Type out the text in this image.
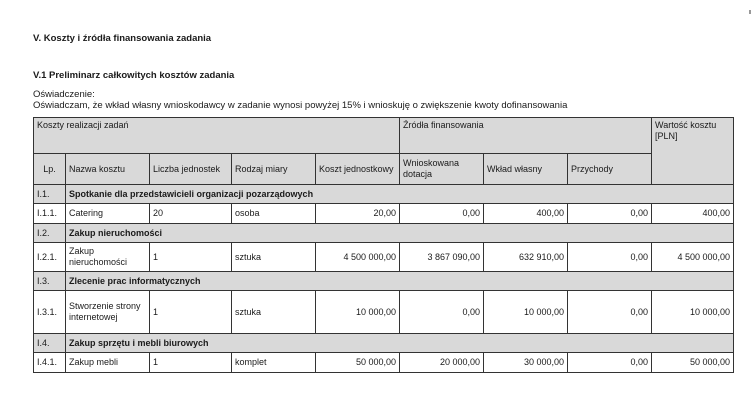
V. Koszty i źródła finansowania zadania
V.1 Preliminarz całkowitych kosztów zadania
Oświadczenie:
Oświadczam, że wkład własny wnioskodawcy w zadanie wynosi powyżej 15% i wnioskuję o zwiększenie kwoty dofinansowania
Koszty realizacji zadań					Źródła finansowania			Wartość kosztu [PLN]
Lp.	Nazwa kosztu	Liczba jednostek	Rodzaj miary	Koszt jednostkowy	Wnioskowana dotacja	Wkład własny	Przychody	
I.1.	Spotkanie dla przedstawicieli organizacji pozarządowych							
I.1.1.	Catering	20	osoba	20,00	0,00	400,00	0,00	400,00
I.2.	Zakup nieruchomości							
I.2.1.	Zakup nieruchomości	1	sztuka	4 500 000,00	3 867 090,00	632 910,00	0,00	4 500 000,00
I.3.	Zlecenie prac informatycznych							
I.3.1.	Stworzenie strony internetowej	1	sztuka	10 000,00	0,00	10 000,00	0,00	10 000,00
I.4.	Zakup sprzętu i mebli biurowych							
I.4.1.	Zakup mebli	1	komplet	50 000,00	20 000,00	30 000,00	0,00	50 000,00
